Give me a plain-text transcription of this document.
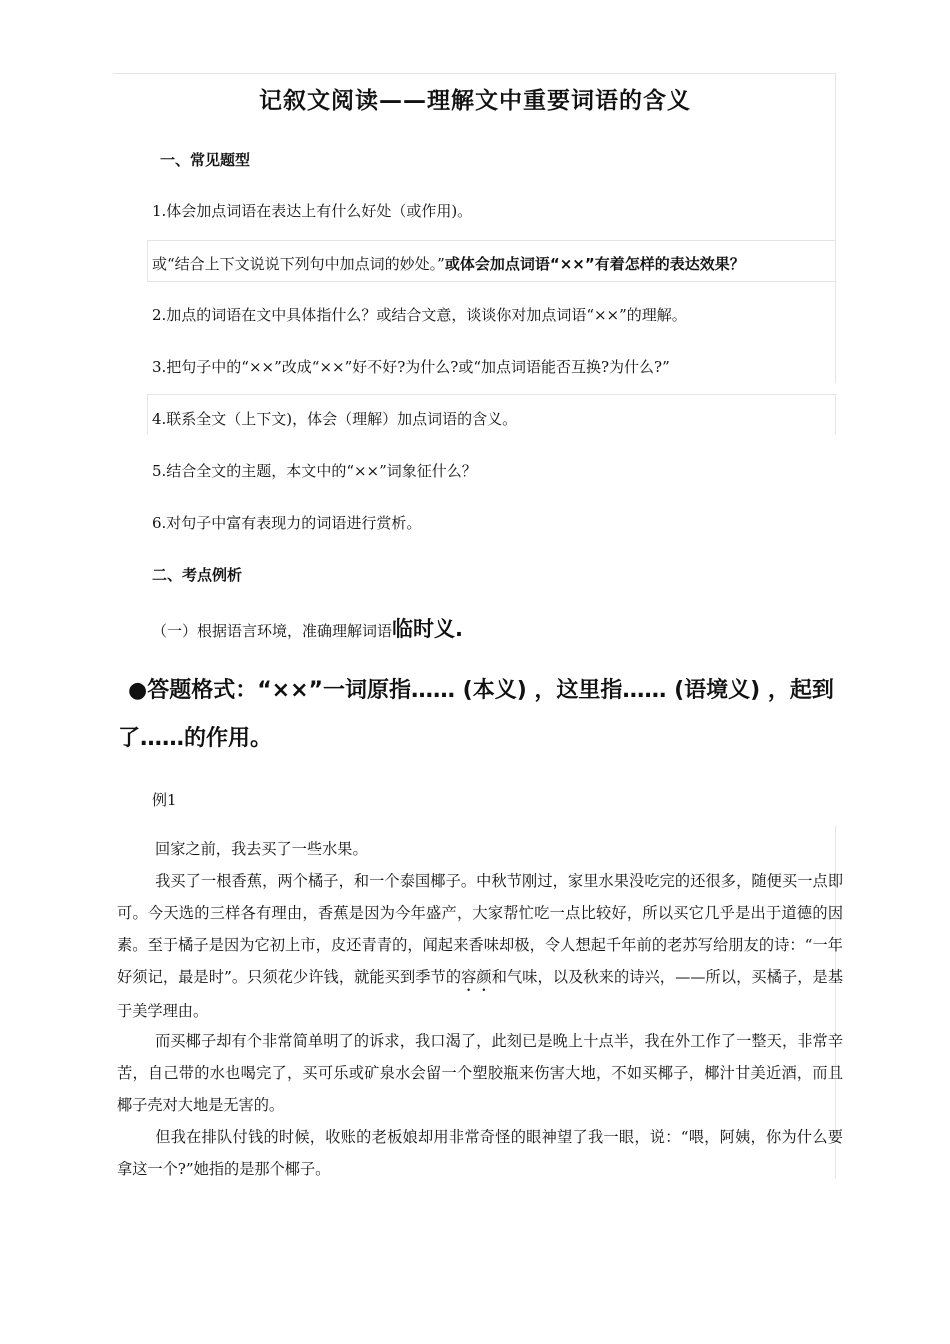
记叙文阅读——理解文中重要词语的含义
一、常见题型
1.体会加点词语在表达上有什么好处（或作用)。
或“结合上下文说说下列句中加点词的妙处。”或体会加点词语“××”有着怎样的表达效果？
2.加点的词语在文中具体指什么？或结合文意，谈谈你对加点词语“××”的理解。
3.把句子中的“××”改成“××”好不好?为什么?或“加点词语能否互换?为什么?”
4.联系全文（上下文)，体会（理解）加点词语的含义。
5.结合全文的主题，本文中的“××”词象征什么？
6.对句子中富有表现力的词语进行赏析。
二、考点例析
（一）根据语言环境，准确理解词语临时义.
●答题格式：“××”一词原指…… (本义) ，这里指…… (语境义) ，起到
了……的作用。
例1
回家之前，我去买了一些水果。
我买了一根香蕉，两个橘子，和一个泰国椰子。中秋节刚过，家里水果没吃完的还很多，随便买一点即可。今天选的三样各有理由，香蕉是因为今年盛产，大家帮忙吃一点比较好，所以买它几乎是出于道德的因素。至于橘子是因为它初上市，皮还青青的，闻起来香味却极，令人想起千年前的老苏写给朋友的诗：“一年好须记，最是时”。只须花少许钱，就能买到季节的容颜和气味，以及秋来的诗兴，——所以，买橘子，是基于美学理由。
而买椰子却有个非常简单明了的诉求，我口渴了，此刻已是晚上十点半，我在外工作了一整天，非常辛苦，自己带的水也喝完了，买可乐或矿泉水会留一个塑胶瓶来伤害大地，不如买椰子，椰汁甘美近酒，而且椰子壳对大地是无害的。
但我在排队付钱的时候，收账的老板娘却用非常奇怪的眼神望了我一眼，说：“喂，阿姨，你为什么要拿这一个?”她指的是那个椰子。
